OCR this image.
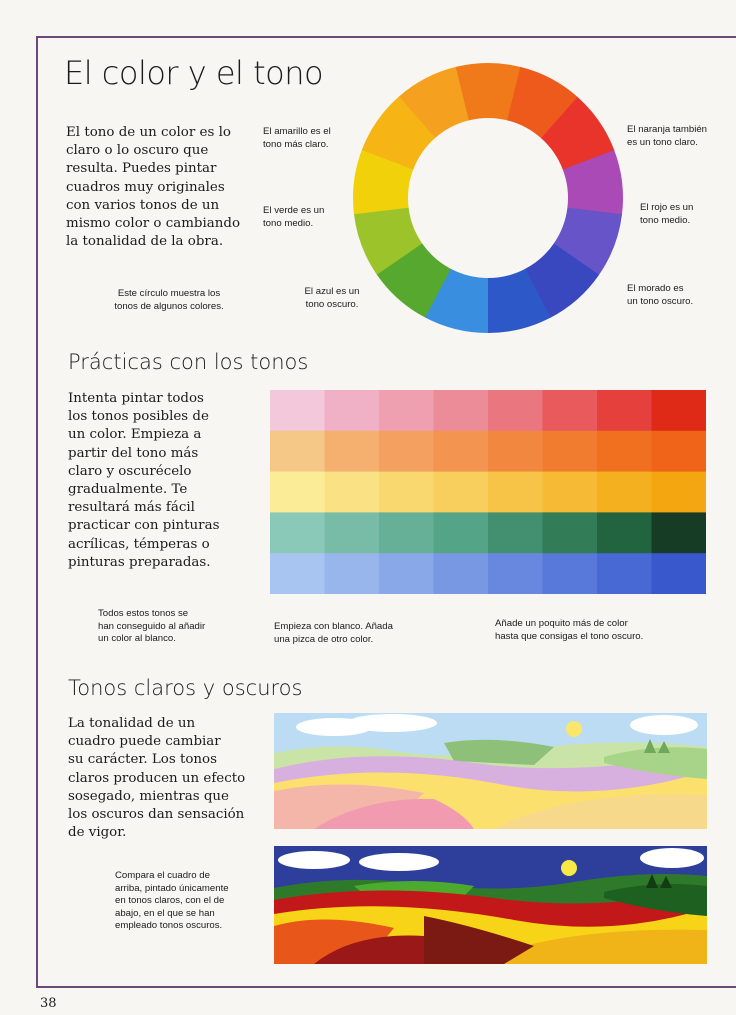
38
El color y el tono
El tono de un color es lo
claro o lo oscuro que
resulta. Puedes pintar
cuadros muy originales
con varios tonos de un
mismo color o cambiando
la tonalidad de la obra.
Este círculo muestra los
tonos de algunos colores.
El amarillo es el
tono más claro.
El verde es un
tono medio.
El azul es un
tono oscuro.
El naranja también
es un tono claro.
El rojo es un
tono medio.
El morado es
un tono oscuro.
Prácticas con los tonos
Intenta pintar todos
los tonos posibles de
un color. Empieza a
partir del tono más
claro y oscurécelo
gradualmente. Te
resultará más fácil
practicar con pinturas
acrílicas, témperas o
pinturas preparadas.
Todos estos tonos se
han conseguido al añadir
un color al blanco.
Empieza con blanco. Añada
una pizca de otro color.
Añade un poquito más de color
hasta que consigas el tono oscuro.
Tonos claros y oscuros
La tonalidad de un
cuadro puede cambiar
su carácter. Los tonos
claros producen un efecto
sosegado, mientras que
los oscuros dan sensación
de vigor.
Compara el cuadro de
arriba, pintado únicamente
en tonos claros, con el de
abajo, en el que se han
empleado tonos oscuros.
